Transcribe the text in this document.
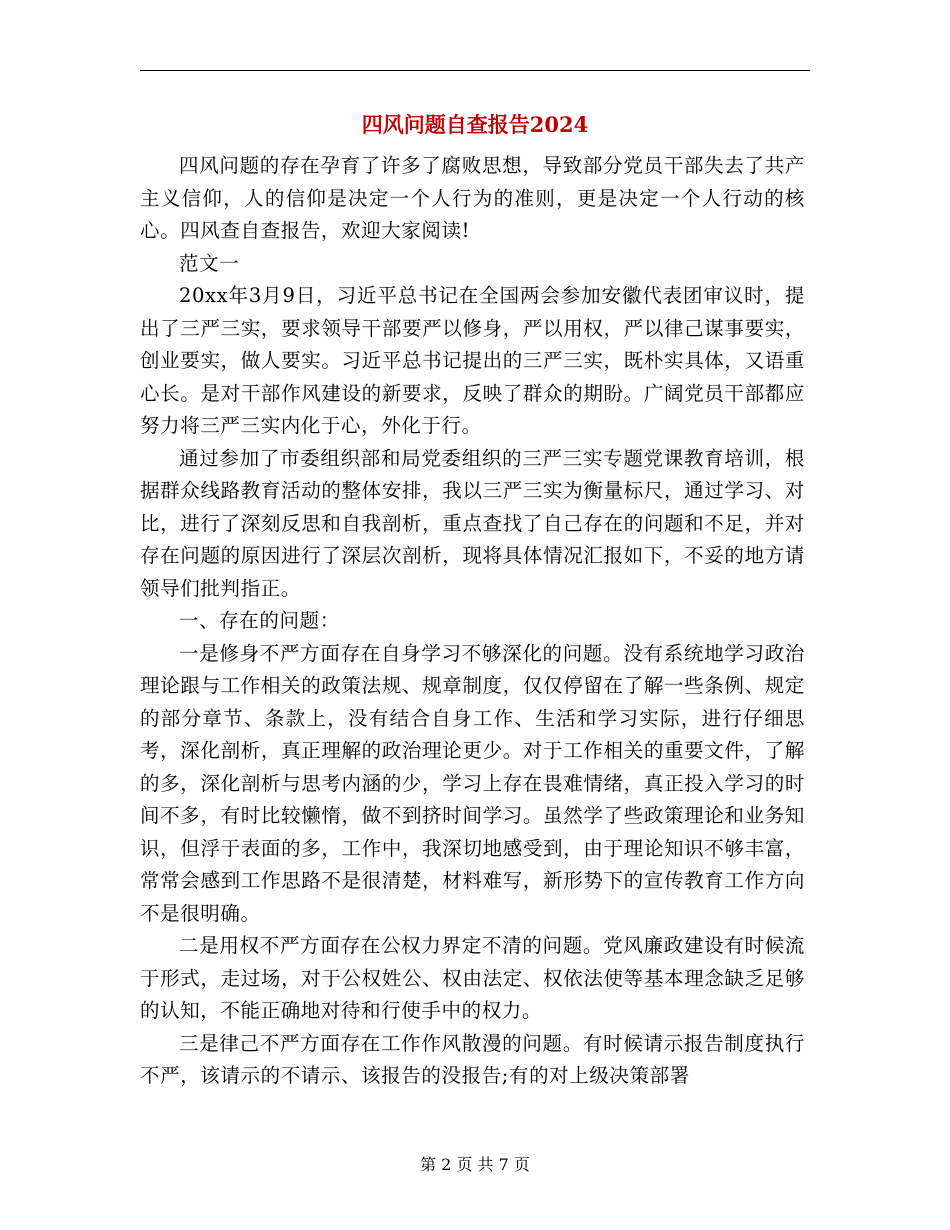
四风问题自查报告2024

四风问题的存在孕育了许多了腐败思想，导致部分党员干部失去了共产主义信仰，人的信仰是决定一个人行为的准则，更是决定一个人行动的核心。四风查自查报告，欢迎大家阅读!

范文一

20xx年3月9日，习近平总书记在全国两会参加安徽代表团审议时，提出了三严三实，要求领导干部要严以修身，严以用权，严以律己谋事要实，创业要实，做人要实。习近平总书记提出的三严三实，既朴实具体，又语重心长。是对干部作风建设的新要求，反映了群众的期盼。广阔党员干部都应努力将三严三实内化于心，外化于行。

通过参加了市委组织部和局党委组织的三严三实专题党课教育培训，根据群众线路教育活动的整体安排，我以三严三实为衡量标尺，通过学习、对比，进行了深刻反思和自我剖析，重点查找了自己存在的问题和不足，并对存在问题的原因进行了深层次剖析，现将具体情况汇报如下，不妥的地方请领导们批判指正。

一、存在的问题：

一是修身不严方面存在自身学习不够深化的问题。没有系统地学习政治理论跟与工作相关的政策法规、规章制度，仅仅停留在了解一些条例、规定的部分章节、条款上，没有结合自身工作、生活和学习实际，进行仔细思考，深化剖析，真正理解的政治理论更少。对于工作相关的重要文件，了解的多，深化剖析与思考内涵的少，学习上存在畏难情绪，真正投入学习的时间不多，有时比较懒惰，做不到挤时间学习。虽然学了些政策理论和业务知识，但浮于表面的多，工作中，我深切地感受到，由于理论知识不够丰富，常常会感到工作思路不是很清楚，材料难写，新形势下的宣传教育工作方向不是很明确。

二是用权不严方面存在公权力界定不清的问题。党风廉政建设有时候流于形式，走过场，对于公权姓公、权由法定、权依法使等基本理念缺乏足够的认知，不能正确地对待和行使手中的权力。

三是律己不严方面存在工作作风散漫的问题。有时候请示报告制度执行不严，该请示的不请示、该报告的没报告;有的对上级决策部署

第 2 页 共 7 页
